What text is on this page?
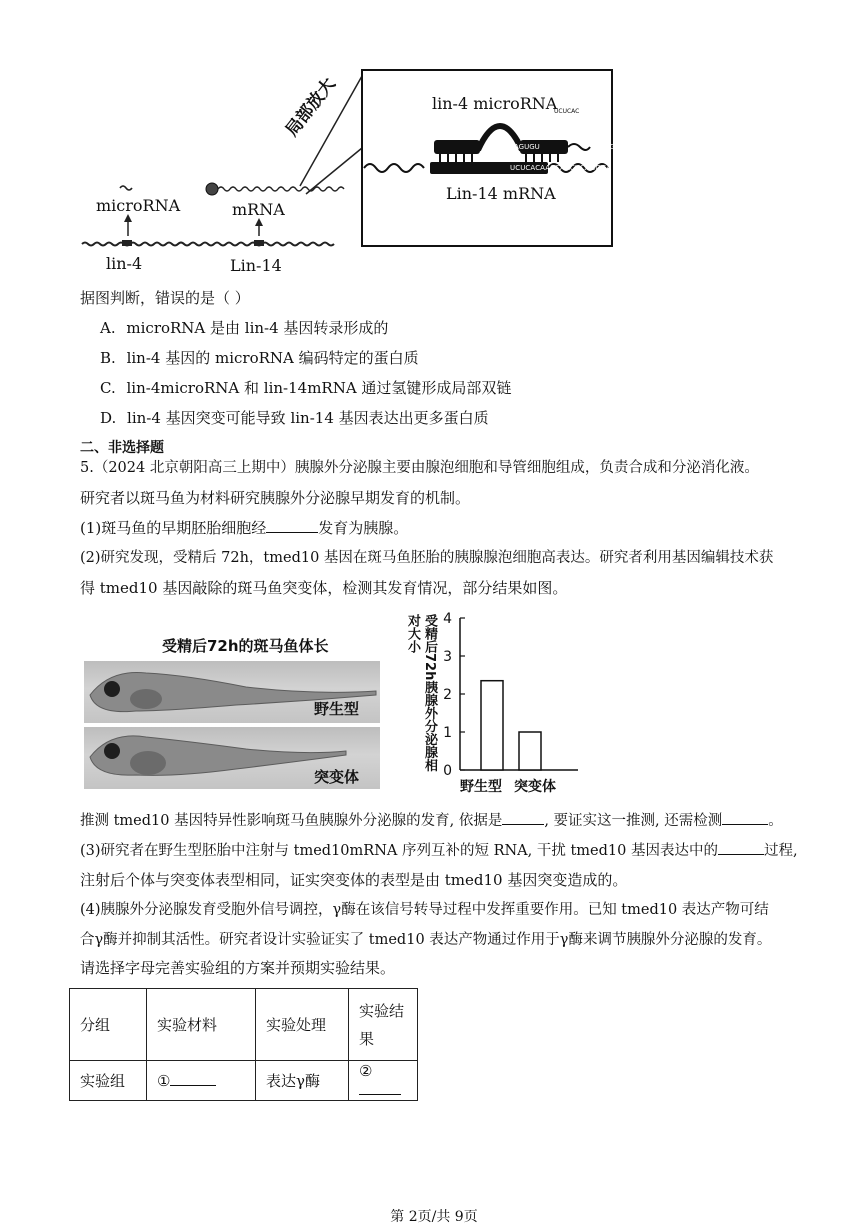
microRNA
lin-4
mRNA
Lin-14
局部放大	lin-4 microRNA
Lin-14 mRNA
AGUGU	AAGAUCUC
UCUCAC
UCUCACAACCAACUCAGGGA
据图判断，错误的是（ ）
A. microRNA 是由 lin-4 基因转录形成的
B. lin-4 基因的 microRNA 编码特定的蛋白质
C. lin-4microRNA 和 lin-14mRNA 通过氢键形成局部双链
D. lin-4 基因突变可能导致 lin-14 基因表达出更多蛋白质
二、非选择题
5.（2024 北京朝阳高三上期中）胰腺外分泌腺主要由腺泡细胞和导管细胞组成，负责合成和分泌消化液。
研究者以斑马鱼为材料研究胰腺外分泌腺早期发育的机制。
(1)斑马鱼的早期胚胎细胞经	发育为胰腺。
(2)研究发现，受精后 72h，tmed10 基因在斑马鱼胚胎的胰腺腺泡细胞高表达。研究者利用基因编辑技术获
得 tmed10 基因敲除的斑马鱼突变体，检测其发育情况，部分结果如图。
受精后72h的斑马鱼体长
野生型
突变体
受精后72h胰腺外分泌腺相对大小
0
1
2
3
4
野生型 突变体
推测 tmed10 基因特异性影响斑马鱼胰腺外分泌腺的发育, 依据是	, 要证实这一推测, 还需检测	。
(3)研究者在野生型胚胎中注射与 tmed10mRNA 序列互补的短 RNA, 干扰 tmed10 基因表达中的	过程,
注射后个体与突变体表型相同，证实突变体的表型是由 tmed10 基因突变造成的。
(4)胰腺外分泌腺发育受胞外信号调控，γ酶在该信号转导过程中发挥重要作用。已知 tmed10 表达产物可结
合γ酶并抑制其活性。研究者设计实验证实了 tmed10 表达产物通过作用于γ酶来调节胰腺外分泌腺的发育。
请选择字母完善实验组的方案并预期实验结果。
分组	实验材料	实验处理	实验结
果
实验组	①	表达γ酶	②
第 2页/共 9页
